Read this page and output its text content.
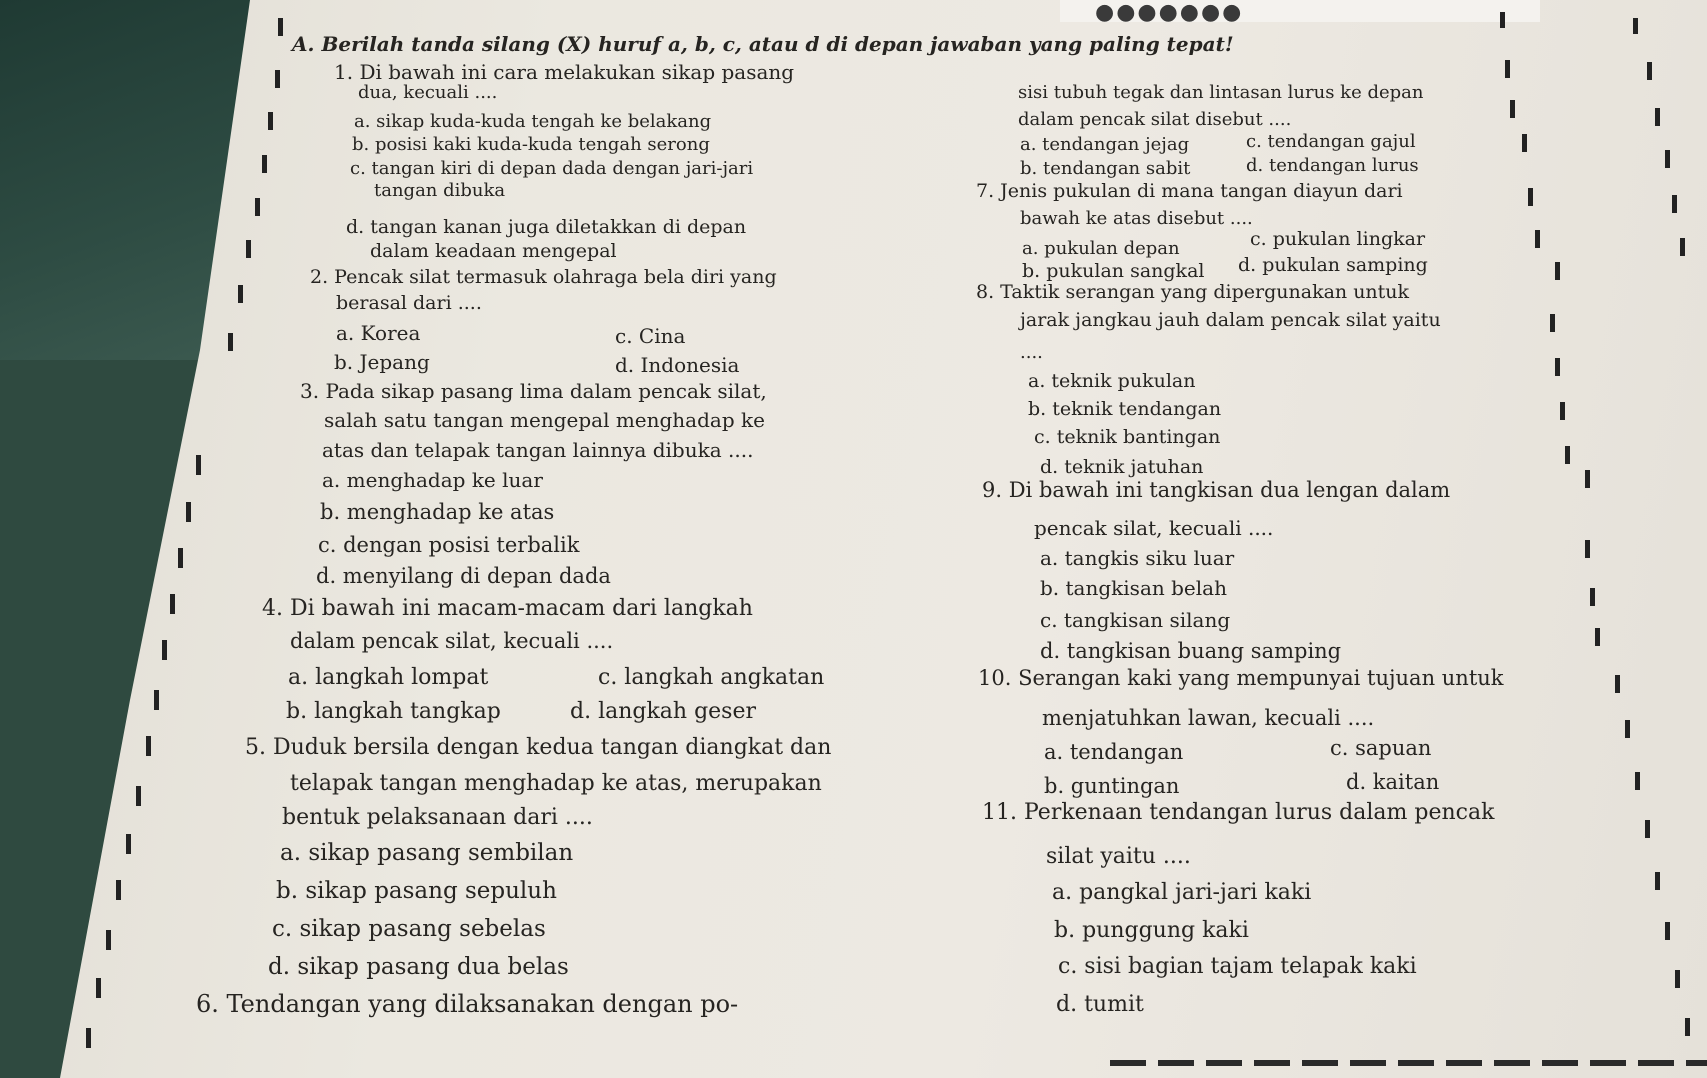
●●●●●●●
A. Berilah tanda silang (X) huruf a, b, c, atau d di depan jawaban yang paling tepat!
1. Di bawah ini cara melakukan sikap pasang
dua, kecuali ....
a. sikap kuda-kuda tengah ke belakang
b. posisi kaki kuda-kuda tengah serong
c. tangan kiri di depan dada dengan jari-jari
tangan dibuka
d. tangan kanan juga diletakkan di depan
dalam keadaan mengepal
2. Pencak silat termasuk olahraga bela diri yang
berasal dari ....
a. Korea	c. Cina
b. Jepang	d. Indonesia
3. Pada sikap pasang lima dalam pencak silat,
salah satu tangan mengepal menghadap ke
atas dan telapak tangan lainnya dibuka ....
a. menghadap ke luar
b. menghadap ke atas
c. dengan posisi terbalik
d. menyilang di depan dada
4. Di bawah ini macam-macam dari langkah
dalam pencak silat, kecuali ....
a. langkah lompat	c. langkah angkatan
b. langkah tangkap	d. langkah geser
5. Duduk bersila dengan kedua tangan diangkat dan
telapak tangan menghadap ke atas, merupakan
bentuk pelaksanaan dari ....
a. sikap pasang sembilan
b. sikap pasang sepuluh
c. sikap pasang sebelas
d. sikap pasang dua belas
6. Tendangan yang dilaksanakan dengan po-
sisi tubuh tegak dan lintasan lurus ke depan
dalam pencak silat disebut ....
a. tendangan jejag	c. tendangan gajul
b. tendangan sabit	d. tendangan lurus
7. Jenis pukulan di mana tangan diayun dari
bawah ke atas disebut ....
a. pukulan depan	c. pukulan lingkar
b. pukulan sangkal d. pukulan samping
8. Taktik serangan yang dipergunakan untuk
jarak jangkau jauh dalam pencak silat yaitu
....
a. teknik pukulan
b. teknik tendangan
c. teknik bantingan
d. teknik jatuhan
9. Di bawah ini tangkisan dua lengan dalam
pencak silat, kecuali ....
a. tangkis siku luar
b. tangkisan belah
c. tangkisan silang
d. tangkisan buang samping
10. Serangan kaki yang mempunyai tujuan untuk
menjatuhkan lawan, kecuali ....
a. tendangan	c. sapuan
b. guntingan	d. kaitan
11. Perkenaan tendangan lurus dalam pencak
silat yaitu ....
a. pangkal jari-jari kaki
b. punggung kaki
c. sisi bagian tajam telapak kaki
d. tumit
